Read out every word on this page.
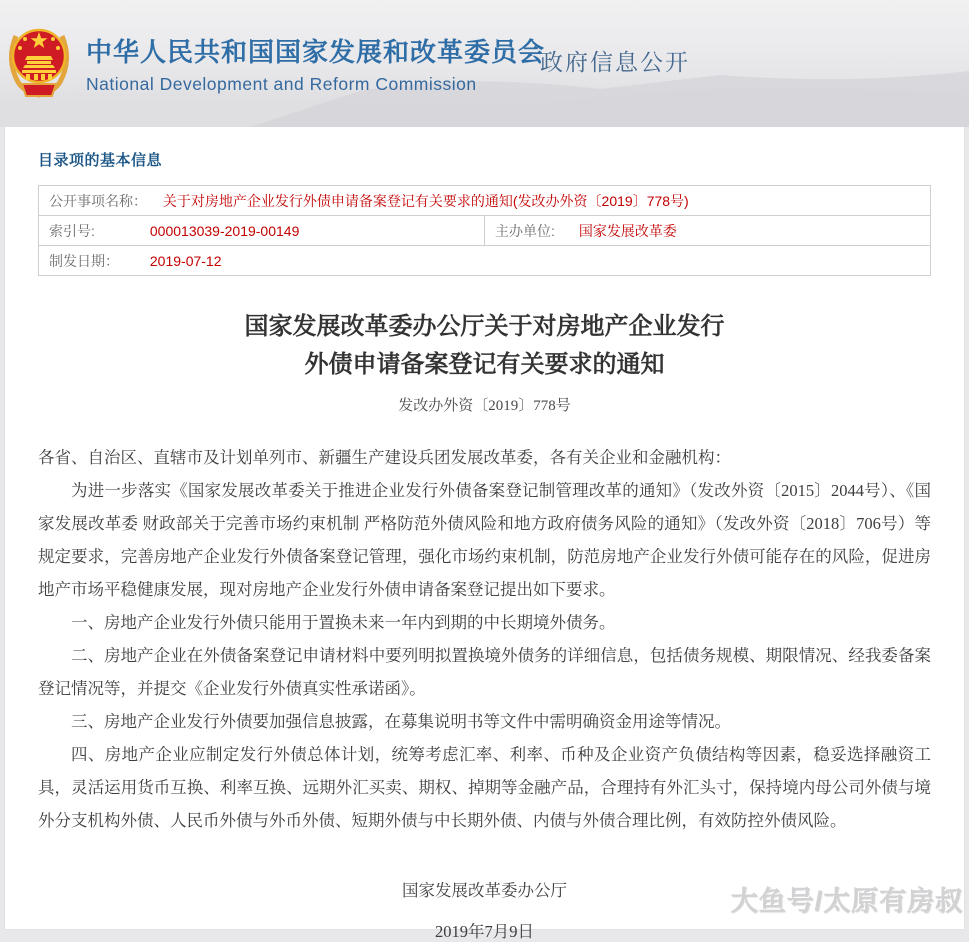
中华人民共和国国家发展和改革委员会
National Development and Reform Commission
政府信息公开
目录项的基本信息
公开事项名称： 关于对房地产企业发行外债申请备案登记有关要求的通知(发改办外资〔2019〕778号)
索引号:	000013039-2019-00149	主办单位: 国家发展改革委
制发日期： 2019-07-12
国家发展改革委办公厅关于对房地产企业发行
外债申请备案登记有关要求的通知
发改办外资〔2019〕778号

各省、自治区、直辖市及计划单列市、新疆生产建设兵团发展改革委，各有关企业和金融机构：

为进一步落实《国家发展改革委关于推进企业发行外债备案登记制管理改革的通知》（发改外资〔2015〕2044号）、《国家发展改革委 财政部关于完善市场约束机制 严格防范外债风险和地方政府债务风险的通知》（发改外资〔2018〕706号）等规定要求，完善房地产企业发行外债备案登记管理，强化市场约束机制，防范房地产企业发行外债可能存在的风险，促进房地产市场平稳健康发展，现对房地产企业发行外债申请备案登记提出如下要求。

一、房地产企业发行外债只能用于置换未来一年内到期的中长期境外债务。

二、房地产企业在外债备案登记申请材料中要列明拟置换境外债务的详细信息，包括债务规模、期限情况、经我委备案登记情况等，并提交《企业发行外债真实性承诺函》。

三、房地产企业发行外债要加强信息披露，在募集说明书等文件中需明确资金用途等情况。

四、房地产企业应制定发行外债总体计划，统筹考虑汇率、利率、币种及企业资产负债结构等因素，稳妥选择融资工具，灵活运用货币互换、利率互换、远期外汇买卖、期权、掉期等金融产品，合理持有外汇头寸，保持境内母公司外债与境外分支机构外债、人民币外债与外币外债、短期外债与中长期外债、内债与外债合理比例，有效防控外债风险。

国家发展改革委办公厅
2019年7月9日
大鱼号/太原有房叔
